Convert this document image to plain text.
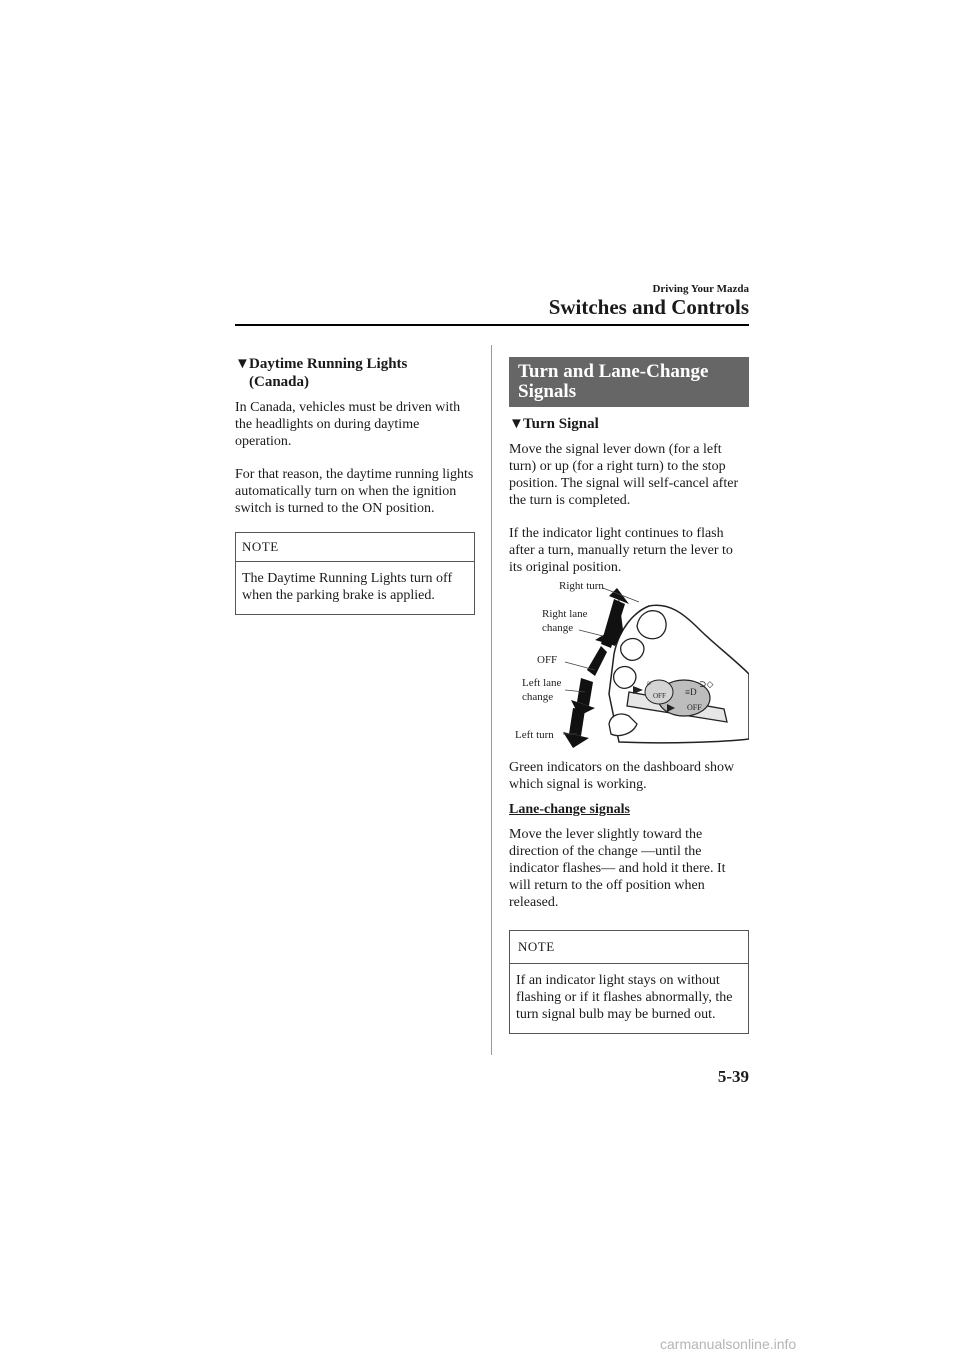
Driving Your Mazda
Switches and Controls
▼Daytime Running Lights
(Canada)
In Canada, vehicles must be driven with the headlights on during daytime operation.
For that reason, the daytime running lights automatically turn on when the ignition switch is turned to the ON position.
NOTE
The Daytime Running Lights turn off when the parking brake is applied.
Turn and Lane-Change Signals
▼Turn Signal
Move the signal lever down (for a left turn) or up (for a right turn) to the stop position. The signal will self-cancel after the turn is completed.
If the indicator light continues to flash after a turn, manually return the lever to its original position.
OFF
OFF
≡D
⊃◇
☼
Right turn
Right lane
change
OFF
Left lane
change
Left turn
Green indicators on the dashboard show which signal is working.
Lane-change signals
Move the lever slightly toward the direction of the change —until the indicator flashes— and hold it there. It will return to the off position when released.
NOTE
If an indicator light stays on without flashing or if it flashes abnormally, the turn signal bulb may be burned out.
5-39
carmanualsonline.info
